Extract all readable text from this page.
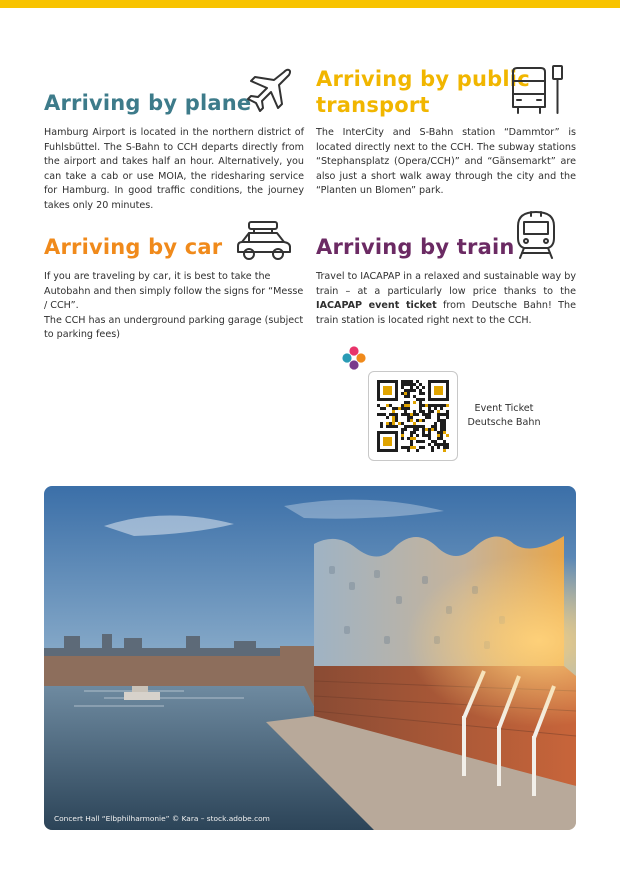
Arriving by plane

Hamburg Airport is located in the northern district of Fuhlsbüttel. The S-Bahn to CCH departs directly from the airport and takes half an hour. Alternatively, you can take a cab or use MOIA, the ridesharing service for Hamburg. In good traffic conditions, the journey takes only 20 minutes.

Arriving by public
transport

The InterCity and S-Bahn station “Dammtor” is located directly next to the CCH. The subway stations “Stephansplatz (Opera/CCH)” and “Gänsemarkt” are also just a short walk away through the city and the “Planten un Blomen” park.

Arriving by car
If you are traveling by car, it is best to take the Autobahn and then simply follow the signs for “Messe / CCH”.
The CCH has an underground parking garage (subject to parking fees)
Arriving by train

Travel to IACAPAP in a relaxed and sustainable way by train – at a particularly low price thanks to the IACAPAP event ticket from Deutsche Bahn! The train station is located right next to the CCH.

Event Ticket
Deutsche Bahn
Concert Hall “Elbphilharmonie” © Kara – stock.adobe.com
